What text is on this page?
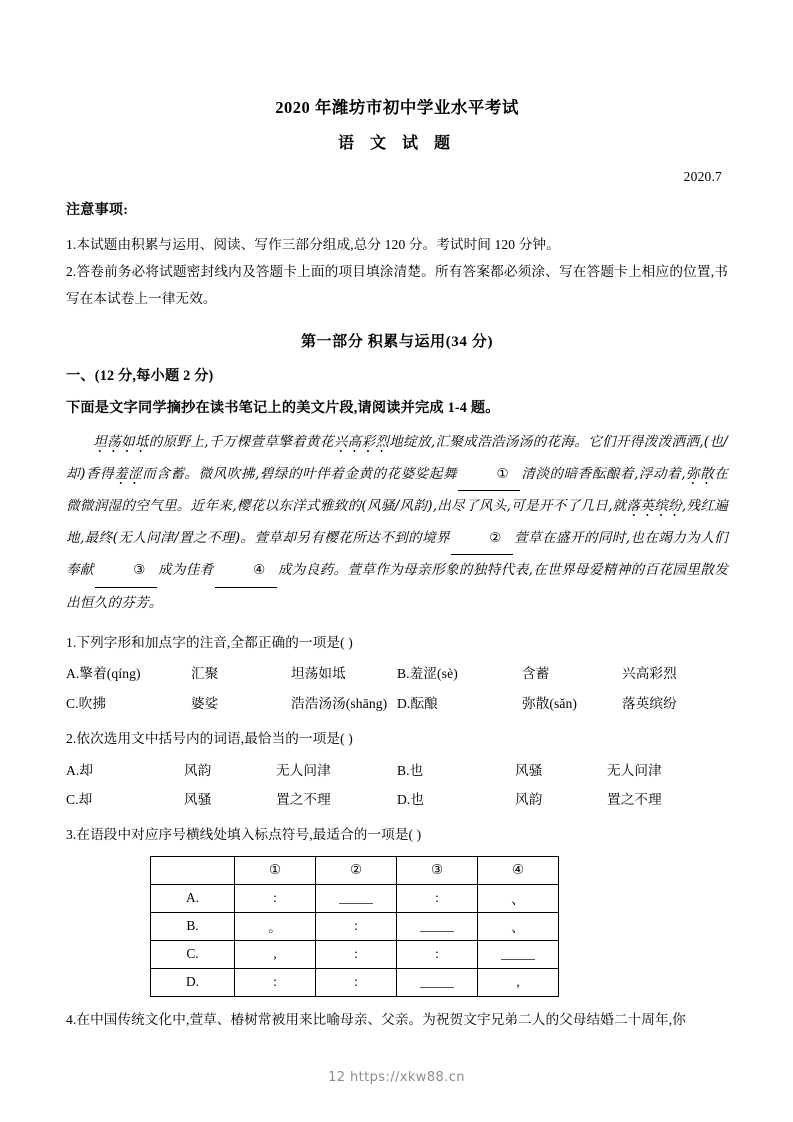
2020 年潍坊市初中学业水平考试
语 文 试 题
2020.7
注意事项:

1.本试题由积累与运用、阅读、写作三部分组成,总分 120 分。考试时间 120 分钟。

2.答卷前务必将试题密封线内及答题卡上面的项目填涂清楚。所有答案都必须涂、写在答题卡上相应的位置,书写在本试卷上一律无效。

第一部分 积累与运用(34 分)
一、(12 分,每小题 2 分)
下面是文字同学摘抄在读书笔记上的美文片段,请阅读并完成 1-4 题。

坦荡如坻的原野上,千万棵萱草擎着黄花兴高彩烈地绽放,汇聚成浩浩汤汤的花海。它们开得泼泼洒洒,(也/却)香得羞涩而含蓄。微风吹拂,碧绿的叶伴着金黄的花婆娑起舞	① 清淡的暗香酝酿着,浮动着,弥散在微微润湿的空气里。近年来,樱花以东洋式雅致的(风骚/风韵),出尽了风头,可是开不了几日,就落英缤纷,残红遍地,最终(无人问津/置之不理)。萱草却另有樱花所达不到的境界	② 萱草在盛开的同时,也在竭力为人们奉献	③ 成为佳肴	④ 成为良药。萱草作为母亲形象的独特代表,在世界母爱精神的百花园里散发出恒久的芬芳。

1.下列字形和加点字的注音,全都正确的一项是( )
A.擎着(qíng)	汇聚	坦荡如坻	B.羞涩(sè)	含蓄	兴高彩烈
C.吹拂	婆娑	浩浩汤汤(shāng) D.酝酿	弥散(sǎn)	落英缤纷
2.依次选用文中括号内的词语,最恰当的一项是( )
A.却	风韵	无人问津	B.也	风骚	无人问津
C.却	风骚	置之不理	D.也	风韵	置之不理
3.在语段中对应序号横线处填入标点符号,最适合的一项是( )
	①	②	③	④
A.	:		:	、
B.	。	:		、
C.	,	:	:	
D.	:	:		,
4.在中国传统文化中,萱草、椿树常被用来比喻母亲、父亲。为祝贺文宇兄弟二人的父母结婚二十周年,你
12 https://xkw88.cn
